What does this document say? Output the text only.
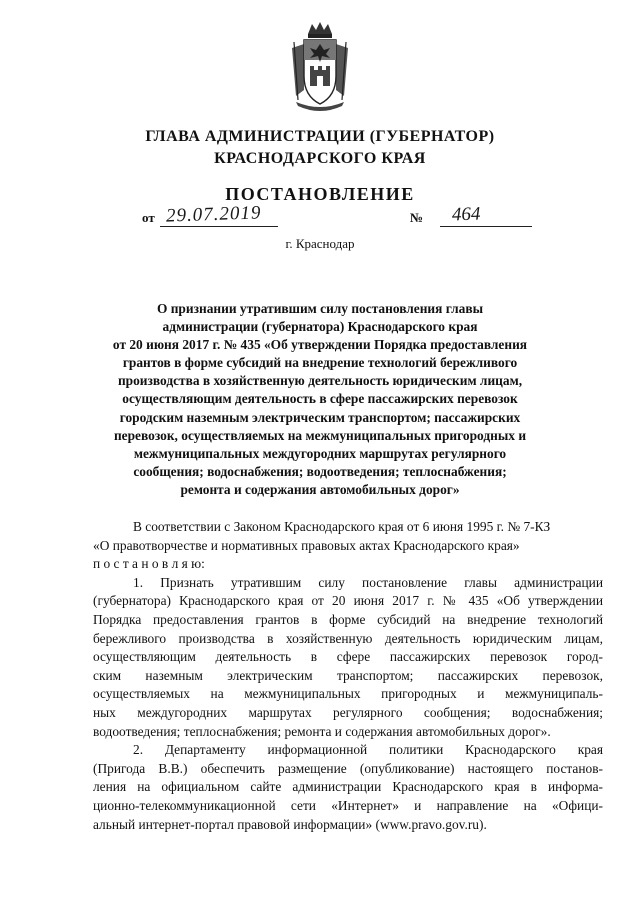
ГЛАВА АДМИНИСТРАЦИИ (ГУБЕРНАТОР)
КРАСНОДАРСКОГО КРАЯ
ПОСТАНОВЛЕНИЕ
от 29.07.2019	№ 464
г. Краснодар
О признании утратившим силу постановления главы
администрации (губернатора) Краснодарского края
от 20 июня 2017 г. № 435 «Об утверждении Порядка предоставления
грантов в форме субсидий на внедрение технологий бережливого
производства в хозяйственную деятельность юридическим лицам,
осуществляющим деятельность в сфере пассажирских перевозок
городским наземным электрическим транспортом; пассажирских
перевозок, осуществляемых на межмуниципальных пригородных и
межмуниципальных междугородних маршрутах регулярного
сообщения; водоснабжения; водоотведения; теплоснабжения;
ремонта и содержания автомобильных дорог»
В соответствии с Законом Краснодарского края от 6 июня 1995 г. № 7-КЗ
«О правотворчестве и нормативных правовых актах Краснодарского края»
п о с т а н о в л я ю:
1. Признать утратившим силу постановление главы администрации
(губернатора) Краснодарского края от 20 июня 2017 г. № 435 «Об утверждении
Порядка предоставления грантов в форме субсидий на внедрение технологий
бережливого производства в хозяйственную деятельность юридическим лицам,
осуществляющим деятельность в сфере пассажирских перевозок город-
ским наземным электрическим транспортом; пассажирских перевозок,
осуществляемых на межмуниципальных пригородных и межмуниципаль-
ных междугородних маршрутах регулярного сообщения; водоснабжения;
водоотведения; теплоснабжения; ремонта и содержания автомобильных дорог».
2. Департаменту информационной политики Краснодарского края
(Пригода В.В.) обеспечить размещение (опубликование) настоящего постанов-
ления на официальном сайте администрации Краснодарского края в информа-
ционно-телекоммуникационной сети «Интернет» и направление на «Офици-
альный интернет-портал правовой информации» (www.pravo.gov.ru).
